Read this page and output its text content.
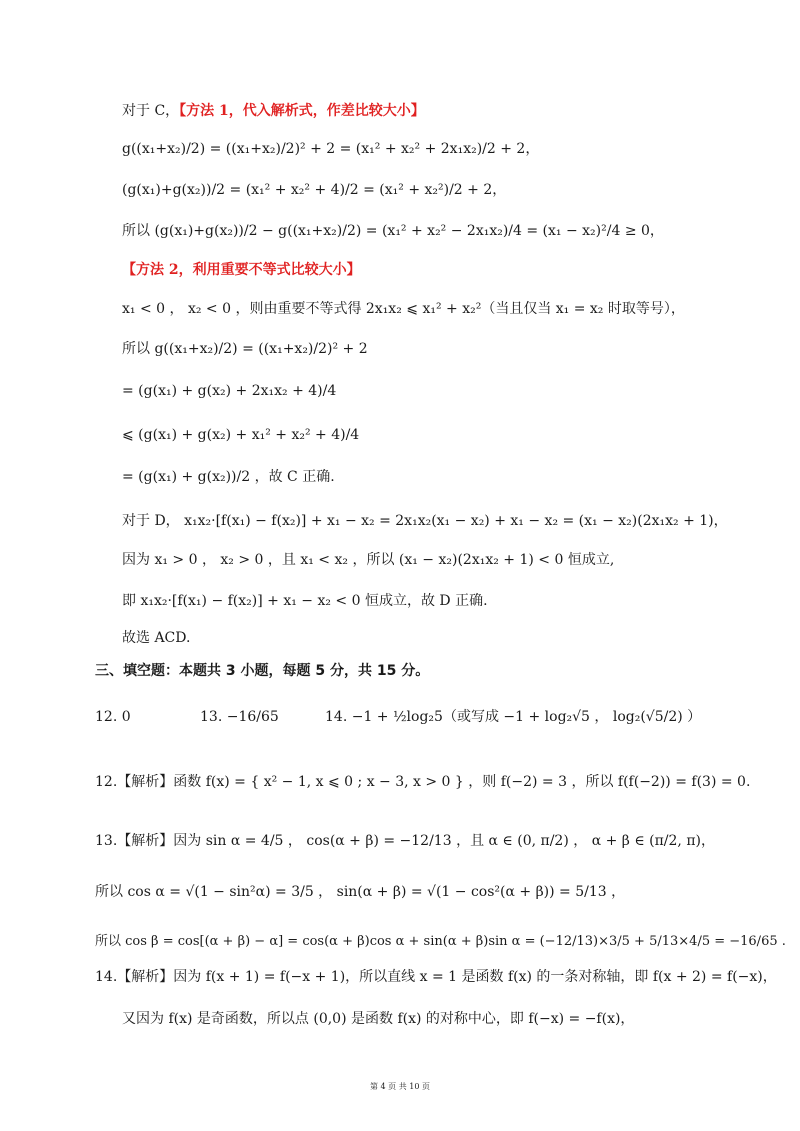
对于 C，【方法 1，代入解析式，作差比较大小】
g((x₁+x₂)/2) = ((x₁+x₂)/2)² + 2 = (x₁² + x₂² + 2x₁x₂)/2 + 2，
(g(x₁)+g(x₂))/2 = (x₁² + x₂² + 4)/2 = (x₁² + x₂²)/2 + 2，
所以 (g(x₁)+g(x₂))/2 − g((x₁+x₂)/2) = (x₁² + x₂² − 2x₁x₂)/4 = (x₁ − x₂)²/4 ≥ 0，
【方法 2，利用重要不等式比较大小】
x₁ < 0 ， x₂ < 0 ，则由重要不等式得 2x₁x₂ ⩽ x₁² + x₂²（当且仅当 x₁ = x₂ 时取等号），
所以 g((x₁+x₂)/2) = ((x₁+x₂)/2)² + 2
= (g(x₁) + g(x₂) + 2x₁x₂ + 4)/4
⩽ (g(x₁) + g(x₂) + x₁² + x₂² + 4)/4
= (g(x₁) + g(x₂))/2 ，故 C 正确.
对于 D， x₁x₂·[f(x₁) − f(x₂)] + x₁ − x₂ = 2x₁x₂(x₁ − x₂) + x₁ − x₂ = (x₁ − x₂)(2x₁x₂ + 1)，
因为 x₁ > 0 ， x₂ > 0 ，且 x₁ < x₂ ，所以 (x₁ − x₂)(2x₁x₂ + 1) < 0 恒成立,
即 x₁x₂·[f(x₁) − f(x₂)] + x₁ − x₂ < 0 恒成立，故 D 正确.
故选 ACD.
三、填空题：本题共 3 小题，每题 5 分，共 15 分。
12. 0	13. −16/65	14. −1 + ½log₂5（或写成 −1 + log₂√5 ， log₂(√5/2) ）
12.【解析】函数 f(x) = { x² − 1, x ⩽ 0 ; x − 3, x > 0 } ，则 f(−2) = 3 ，所以 f(f(−2)) = f(3) = 0.
13.【解析】因为 sin α = 4/5 ， cos(α + β) = −12/13 ，且 α ∈ (0, π/2) ， α + β ∈ (π/2, π)，
所以 cos α = √(1 − sin²α) = 3/5 ， sin(α + β) = √(1 − cos²(α + β)) = 5/13 ，
所以 cos β = cos[(α + β) − α] = cos(α + β)cos α + sin(α + β)sin α = (−12/13)×3/5 + 5/13×4/5 = −16/65 .
14.【解析】因为 f(x + 1) = f(−x + 1)，所以直线 x = 1 是函数 f(x) 的一条对称轴，即 f(x + 2) = f(−x)，
又因为 f(x) 是奇函数，所以点 (0,0) 是函数 f(x) 的对称中心，即 f(−x) = −f(x)，
第 4 页 共 10 页
